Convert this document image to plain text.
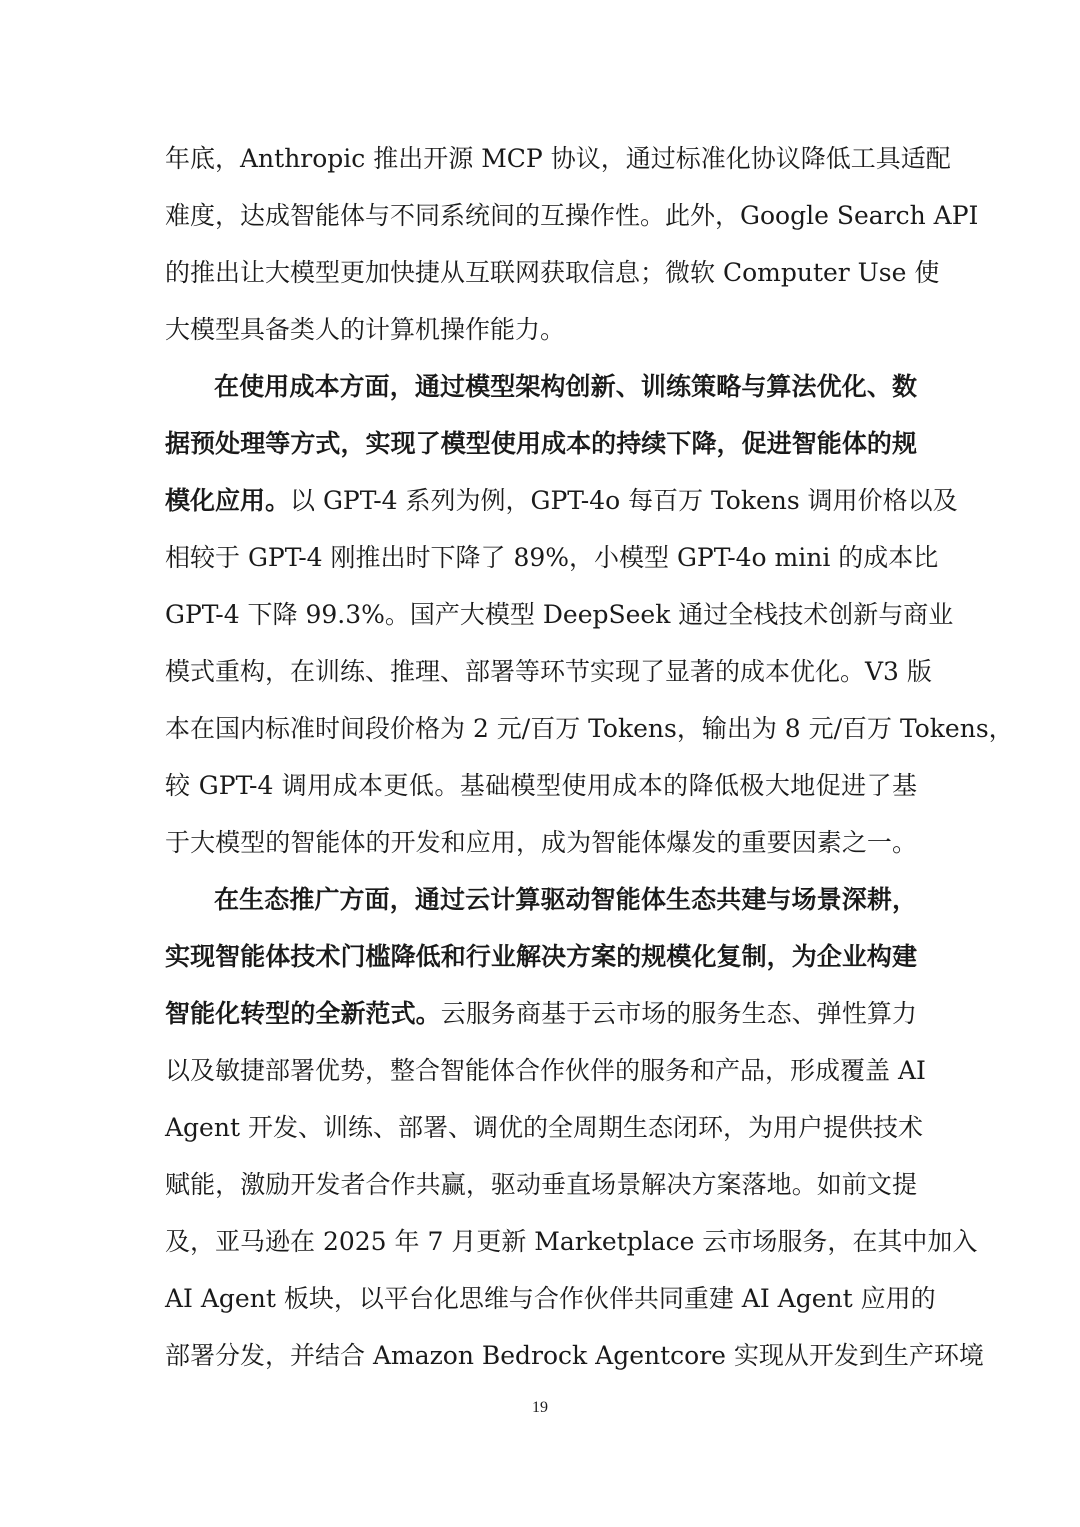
年底，Anthropic 推出开源 MCP 协议，通过标准化协议降低工具适配
难度，达成智能体与不同系统间的互操作性。此外，Google Search API
的推出让大模型更加快捷从互联网获取信息；微软 Computer Use 使
大模型具备类人的计算机操作能力。
在使用成本方面，通过模型架构创新、训练策略与算法优化、数
据预处理等方式，实现了模型使用成本的持续下降，促进智能体的规
模化应用。以 GPT-4 系列为例，GPT-4o 每百万 Tokens 调用价格以及
相较于 GPT-4 刚推出时下降了 89%，小模型 GPT-4o mini 的成本比
GPT-4 下降 99.3%。国产大模型 DeepSeek 通过全栈技术创新与商业
模式重构，在训练、推理、部署等环节实现了显著的成本优化。V3 版
本在国内标准时间段价格为 2 元/百万 Tokens，输出为 8 元/百万 Tokens，
较 GPT-4 调用成本更低。基础模型使用成本的降低极大地促进了基
于大模型的智能体的开发和应用，成为智能体爆发的重要因素之一。
在生态推广方面，通过云计算驱动智能体生态共建与场景深耕，
实现智能体技术门槛降低和行业解决方案的规模化复制，为企业构建
智能化转型的全新范式。云服务商基于云市场的服务生态、弹性算力
以及敏捷部署优势，整合智能体合作伙伴的服务和产品，形成覆盖 AI
Agent 开发、训练、部署、调优的全周期生态闭环，为用户提供技术
赋能，激励开发者合作共赢，驱动垂直场景解决方案落地。如前文提
及，亚马逊在 2025 年 7 月更新 Marketplace 云市场服务，在其中加入
AI Agent 板块，以平台化思维与合作伙伴共同重建 AI Agent 应用的
部署分发，并结合 Amazon Bedrock Agentcore 实现从开发到生产环境
19
